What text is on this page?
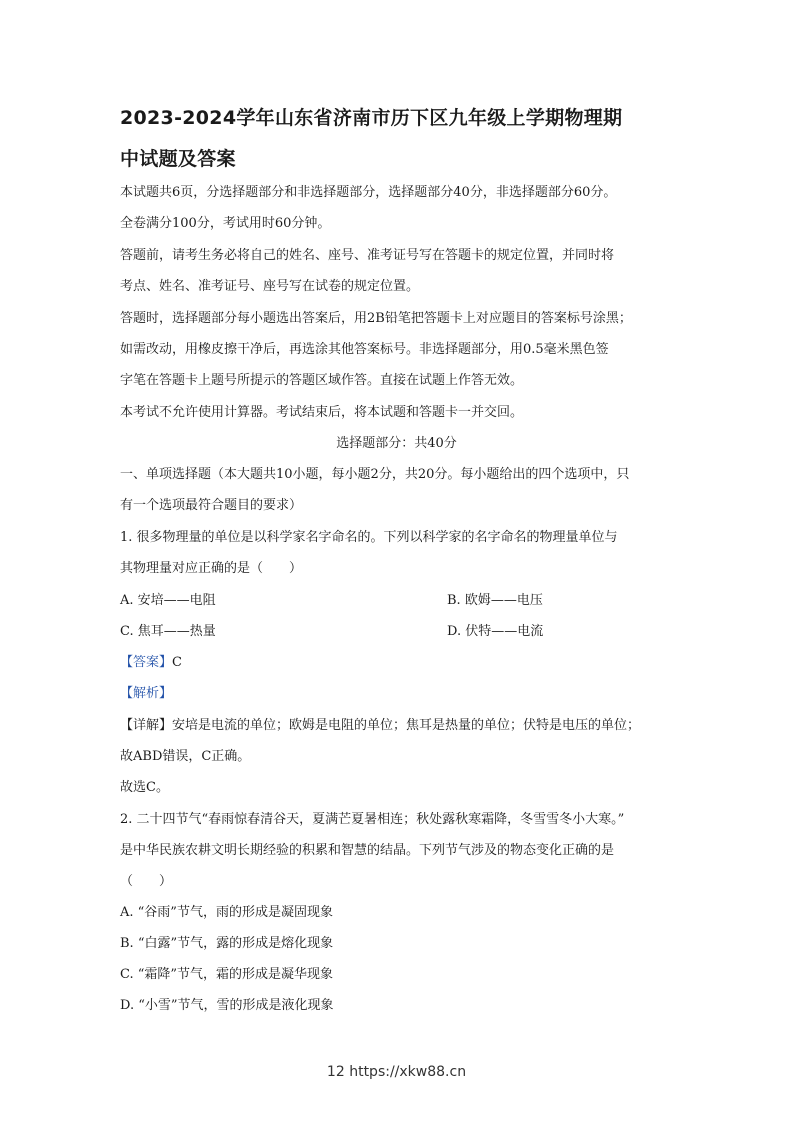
2023-2024学年山东省济南市历下区九年级上学期物理期
中试题及答案
本试题共6页，分选择题部分和非选择题部分，选择题部分40分，非选择题部分60分。
全卷满分100分，考试用时60分钟。
答题前，请考生务必将自己的姓名、座号、准考证号写在答题卡的规定位置，并同时将
考点、姓名、准考证号、座号写在试卷的规定位置。
答题时，选择题部分每小题选出答案后，用2B铅笔把答题卡上对应题目的答案标号涂黑；
如需改动，用橡皮擦干净后，再选涂其他答案标号。非选择题部分，用0.5毫米黑色签
字笔在答题卡上题号所提示的答题区域作答。直接在试题上作答无效。
本考试不允许使用计算器。考试结束后，将本试题和答题卡一并交回。
选择题部分：共40分
一、单项选择题（本大题共10小题，每小题2分，共20分。每小题给出的四个选项中，只
有一个选项最符合题目的要求）
1. 很多物理量的单位是以科学家名字命名的。下列以科学家的名字命名的物理量单位与
其物理量对应正确的是（　　）
A. 安培——电阻	B. 欧姆——电压
C. 焦耳——热量	D. 伏特——电流
【答案】C
【解析】
【详解】安培是电流的单位；欧姆是电阻的单位；焦耳是热量的单位；伏特是电压的单位；
故ABD错误，C正确。
故选C。
2. 二十四节气“春雨惊春清谷天，夏满芒夏暑相连；秋处露秋寒霜降，冬雪雪冬小大寒。”
是中华民族农耕文明长期经验的积累和智慧的结晶。下列节气涉及的物态变化正确的是
（　　）
A. “谷雨”节气，雨的形成是凝固现象
B. “白露”节气，露的形成是熔化现象
C. “霜降”节气，霜的形成是凝华现象
D. “小雪”节气，雪的形成是液化现象
12 https://xkw88.cn
